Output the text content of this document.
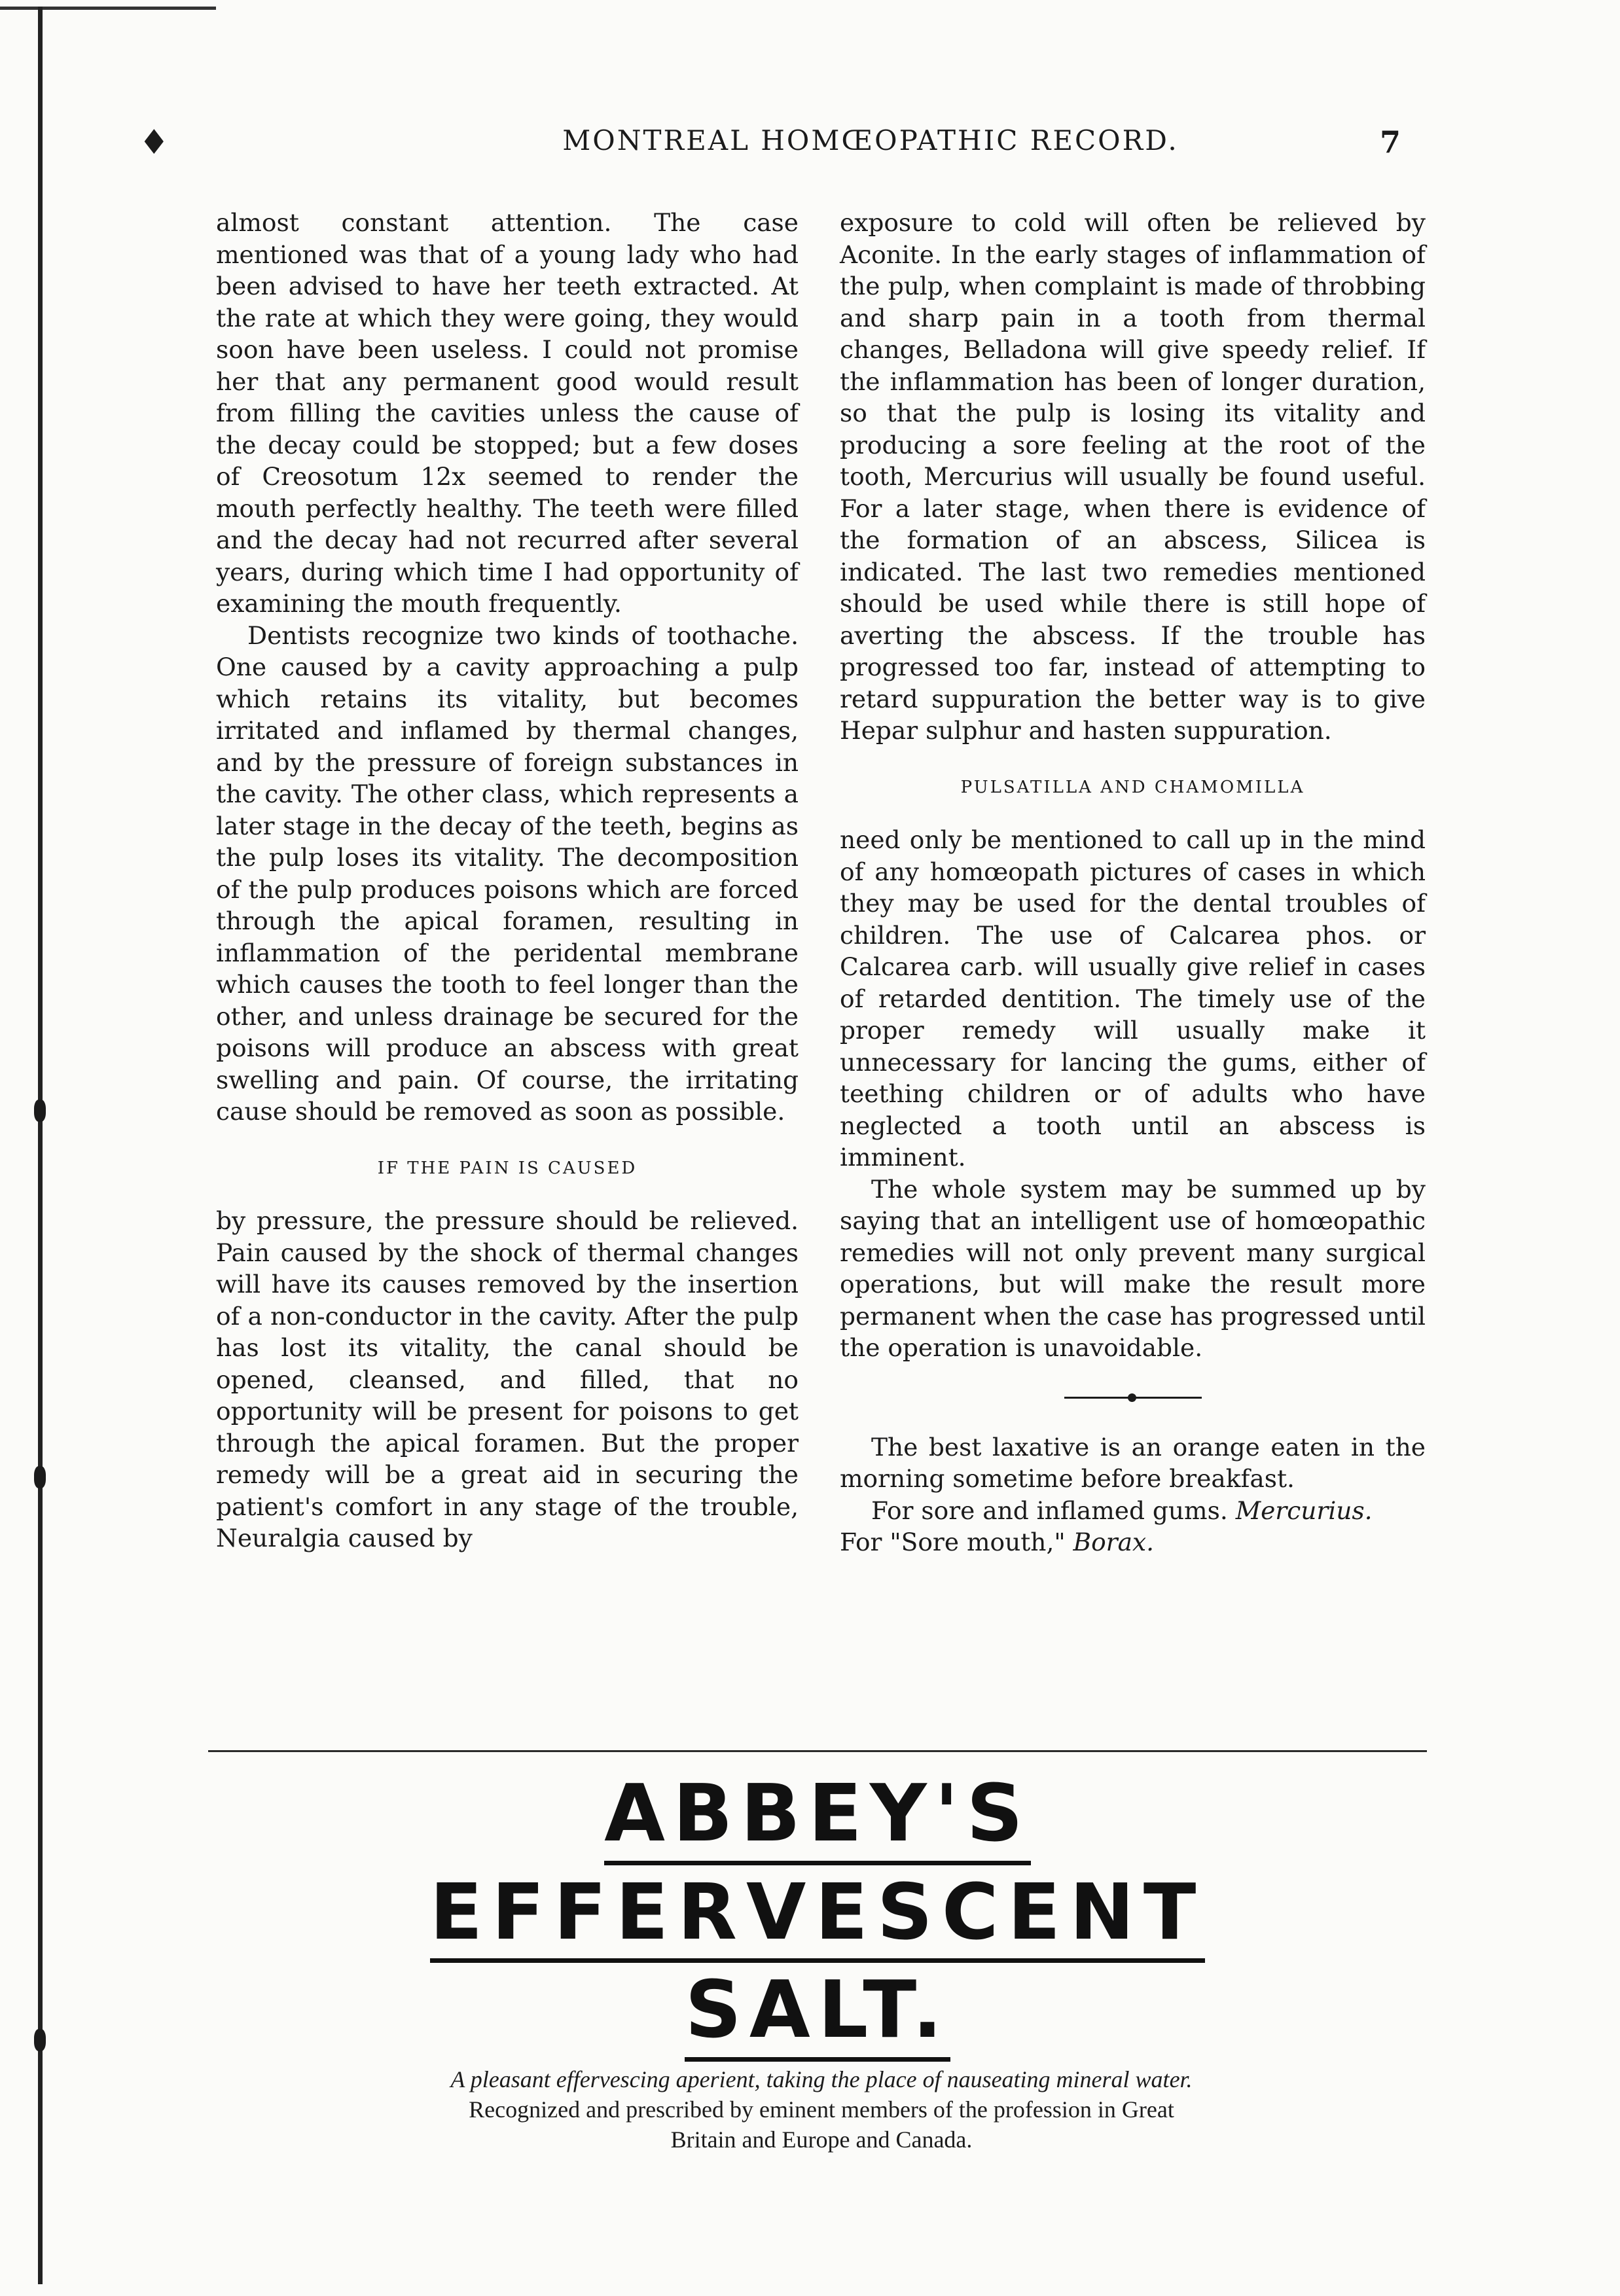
♦	MONTREAL HOMŒOPATHIC RECORD.	7

almost constant attention. The case mentioned was that of a young lady who had been advised to have her teeth extracted. At the rate at which they were going, they would soon have been useless. I could not promise her that any permanent good would result from filling the cavities unless the cause of the decay could be stopped; but a few doses of Creosotum 12x seemed to render the mouth perfectly healthy. The teeth were filled and the decay had not recurred after several years, during which time I had opportunity of examining the mouth frequently.

Dentists recognize two kinds of toothache. One caused by a cavity approaching a pulp which retains its vitality, but becomes irritated and inflamed by thermal changes, and by the pressure of foreign substances in the cavity. The other class, which represents a later stage in the decay of the teeth, begins as the pulp loses its vitality. The decomposition of the pulp produces poisons which are forced through the apical foramen, resulting in inflammation of the peridental membrane which causes the tooth to feel longer than the other, and unless drainage be secured for the poisons will produce an abscess with great swelling and pain. Of course, the irritating cause should be removed as soon as possible.

IF THE PAIN IS CAUSED

by pressure, the pressure should be relieved. Pain caused by the shock of thermal changes will have its causes removed by the insertion of a non-conductor in the cavity. After the pulp has lost its vitality, the canal should be opened, cleansed, and filled, that no opportunity will be present for poisons to get through the apical foramen. But the proper remedy will be a great aid in securing the patient's comfort in any stage of the trouble, Neuralgia caused by

exposure to cold will often be relieved by Aconite. In the early stages of inflammation of the pulp, when complaint is made of throbbing and sharp pain in a tooth from thermal changes, Belladona will give speedy relief. If the inflammation has been of longer duration, so that the pulp is losing its vitality and producing a sore feeling at the root of the tooth, Mercurius will usually be found useful. For a later stage, when there is evidence of the formation of an abscess, Silicea is indicated. The last two remedies mentioned should be used while there is still hope of averting the abscess. If the trouble has progressed too far, instead of attempting to retard suppuration the better way is to give Hepar sulphur and hasten suppuration.

PULSATILLA AND CHAMOMILLA

need only be mentioned to call up in the mind of any homœopath pictures of cases in which they may be used for the dental troubles of children. The use of Calcarea phos. or Calcarea carb. will usually give relief in cases of retarded dentition. The timely use of the proper remedy will usually make it unnecessary for lancing the gums, either of teething children or of adults who have neglected a tooth until an abscess is imminent.

The whole system may be summed up by saying that an intelligent use of homœopathic remedies will not only prevent many surgical operations, but will make the result more permanent when the case has progressed until the operation is unavoidable.

The best laxative is an orange eaten in the morning sometime before breakfast.

For sore and inflamed gums. Mercurius.

For "Sore mouth," Borax.

ABBEY'S
EFFERVESCENT
SALT.

A pleasant effervescing aperient, taking the place of nauseating mineral water.

Recognized and prescribed by eminent members of the profession in Great

Britain and Europe and Canada.
